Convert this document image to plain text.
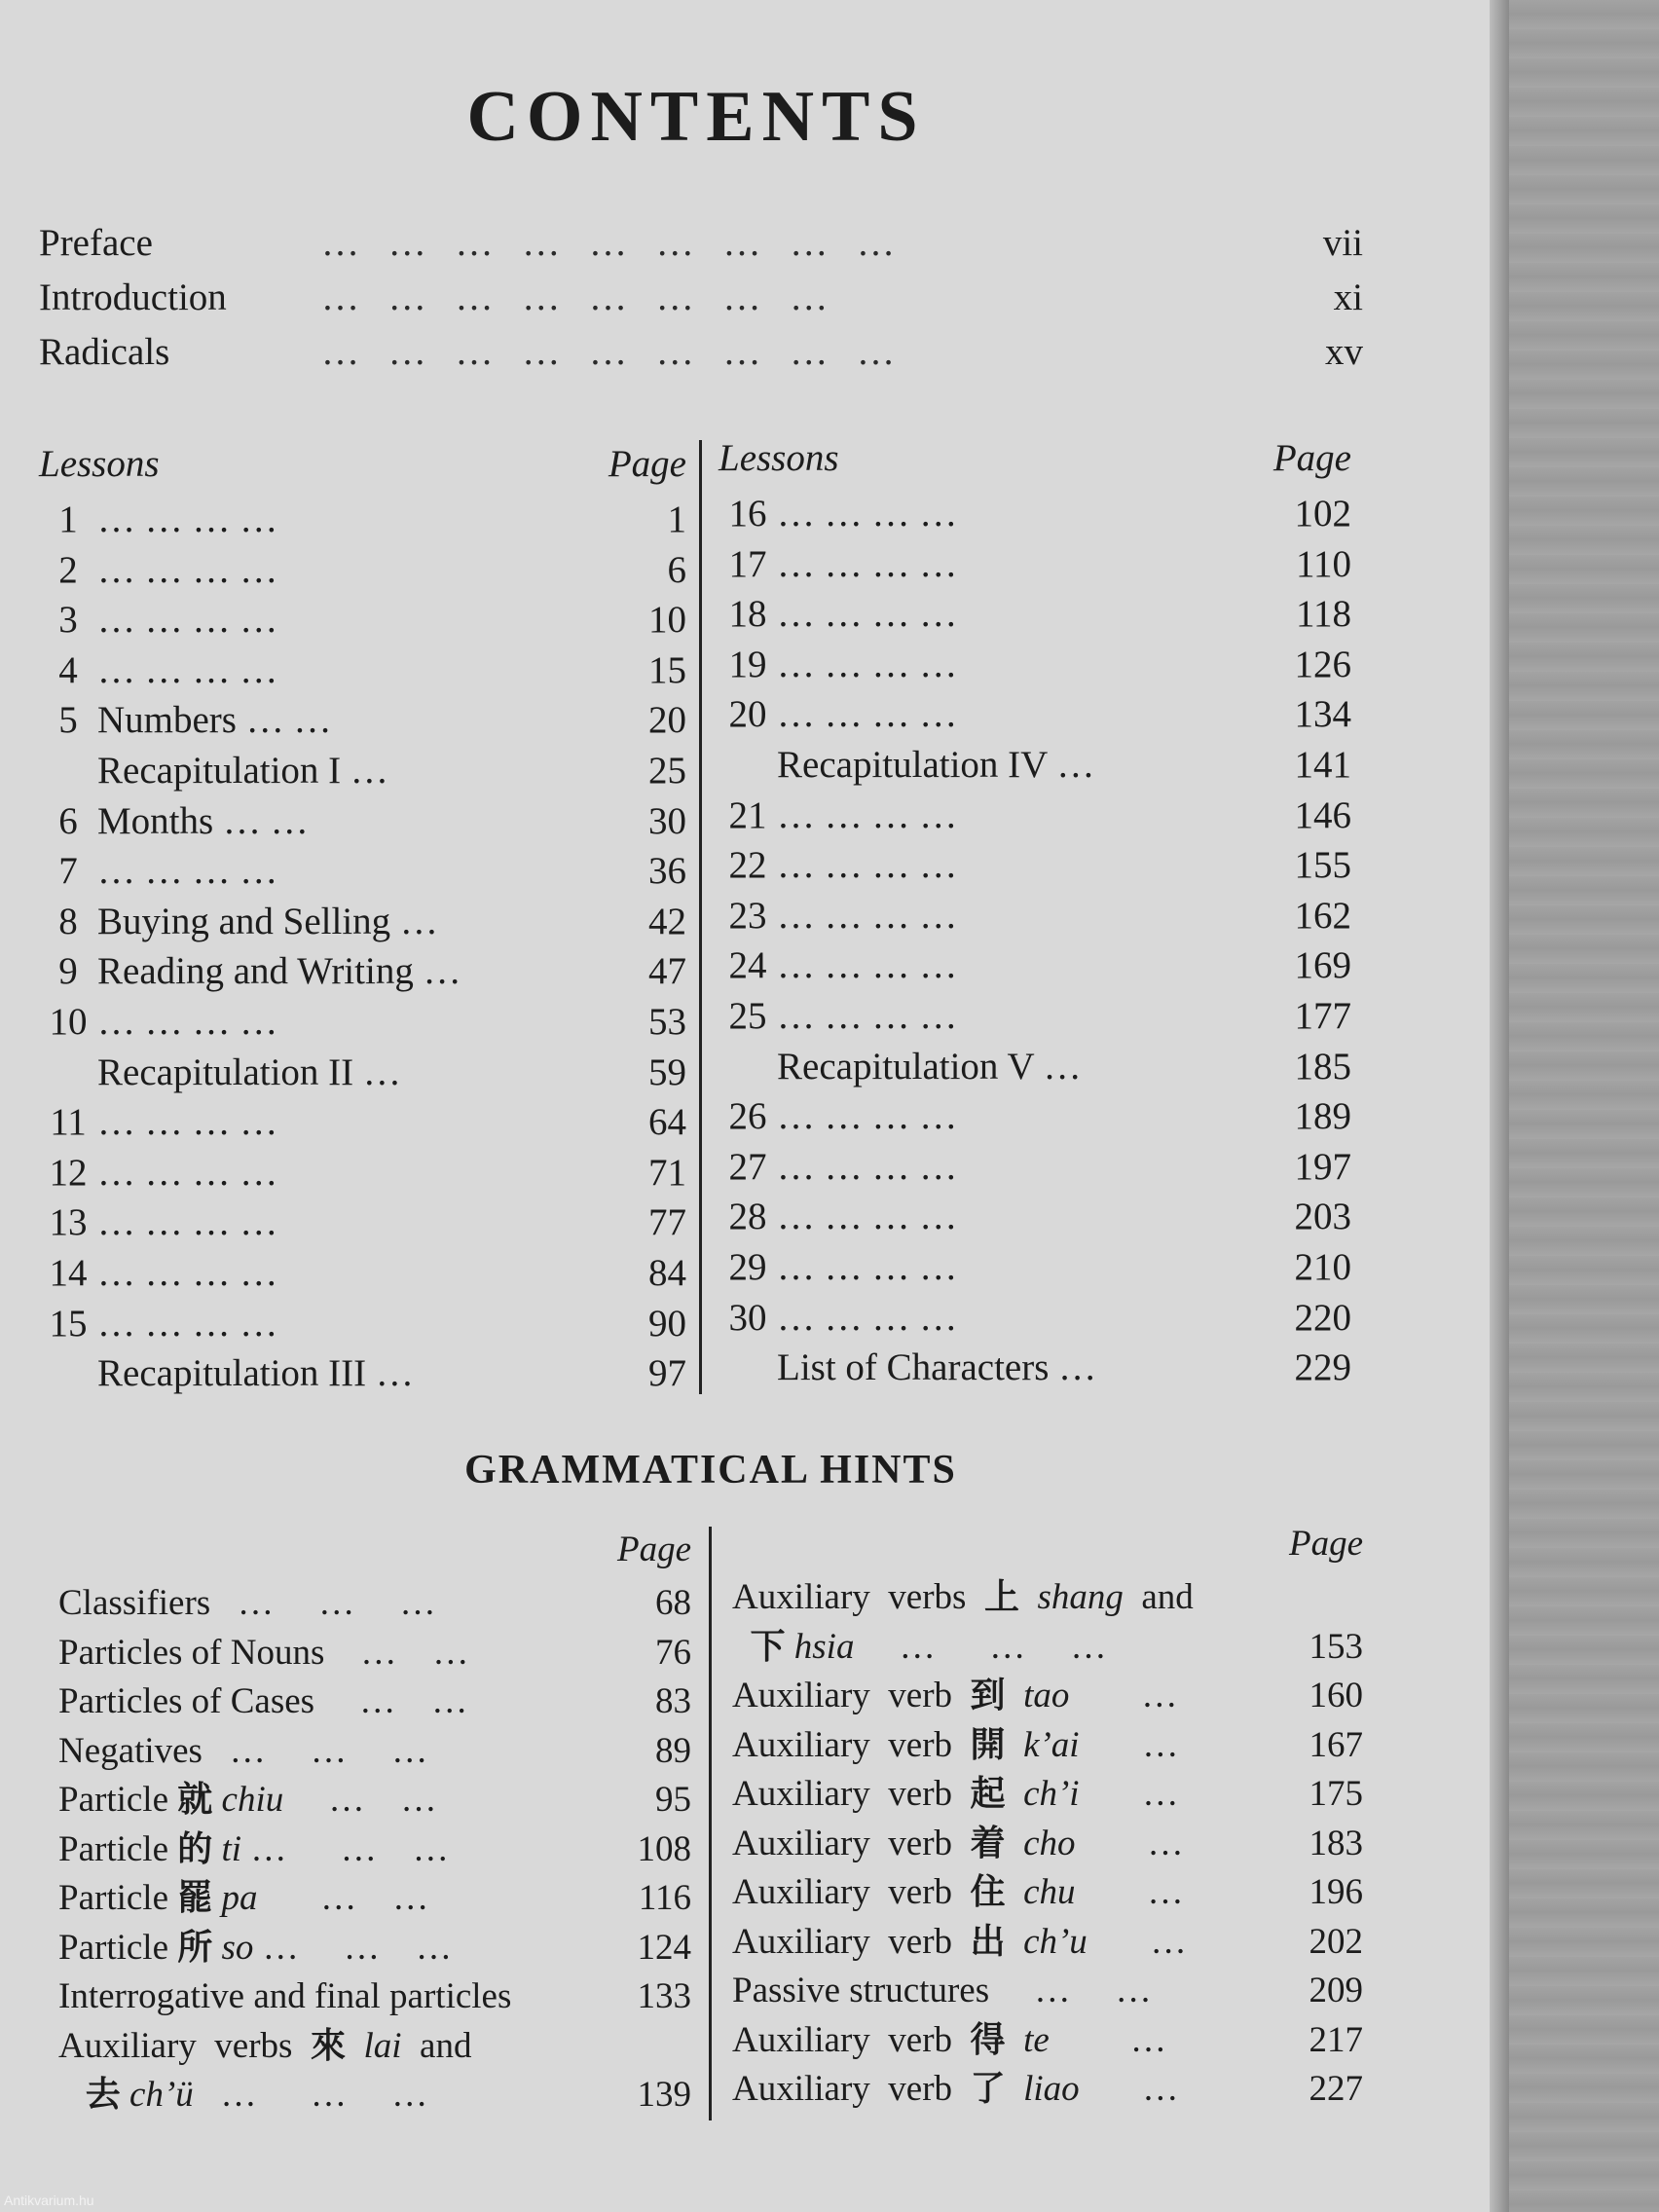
CONTENTS
Preface	… … … … … … … … …	vii
Introduction	… … … … … … … …	xi
Radicals	… … … … … … … … …	xv
Lessons	Page
1 … … … …	1
2 … … … …	6
3 … … … …	10
4 … … … …	15
5 Numbers … …	20
Recapitulation I …	25
6 Months … …	30
7 … … … …	36
8 Buying and Selling …	42
9 Reading and Writing …	47
10 … … … …	53
Recapitulation II …	59
11 … … … …	64
12 … … … …	71
13 … … … …	77
14 … … … …	84
15 … … … …	90
Recapitulation III …	97
Lessons	Page
16 … … … …	102
17 … … … …	110
18 … … … …	118
19 … … … …	126
20 … … … …	134
Recapitulation IV …	141
21 … … … …	146
22 … … … …	155
23 … … … …	162
24 … … … …	169
25 … … … …	177
Recapitulation V …	185
26 … … … …	189
27 … … … …	197
28 … … … …	203
29 … … … …	210
30 … … … …	220
List of Characters …	229
GRAMMATICAL HINTS
Page
Classifiers   …     …     …	68
Particles of Nouns    …    …	76
Particles of Cases     …    …	83
Negatives   …     …     …	89
Particle 就 chiu     …    …	95
Particle 的 ti …      …    …	108
Particle 罷 pa       …    …	116
Particle 所 so …     …    …	124
Interrogative and final particles	133
Auxiliary  verbs  來  lai  and
去 ch’ü   …      …     …	139
Page
Auxiliary  verbs  上  shang  and
下 hsia     …      …     …	153
Auxiliary  verb  到  tao        …	160
Auxiliary  verb  開  k’ai       …	167
Auxiliary  verb  起  ch’i       …	175
Auxiliary  verb  着  cho        …	183
Auxiliary  verb  住  chu        …	196
Auxiliary  verb  出  ch’u       …	202
Passive structures     …     …	209
Auxiliary  verb  得  te         …	217
Auxiliary  verb  了  liao       …	227
Antikvarium.hu
